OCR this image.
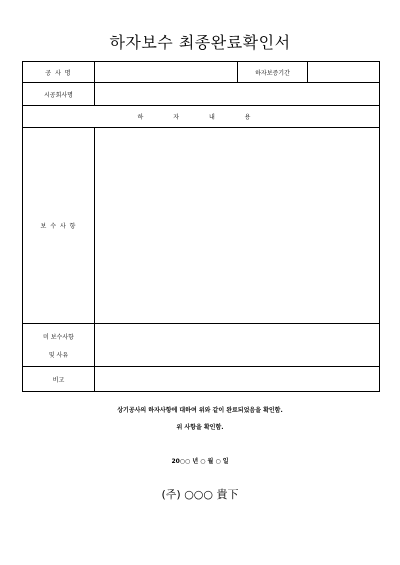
하자보수 최종완료확인서
공 사 명		하자보증기간	
시공회사명			
하 자 내 용			
보 수 사 항			

미 보수사항
및 사유			

비고			
상기공사의 하자사항에 대하여 위와 같이 완료되었음을 확인함.
위 사항을 확인함.
20○○ 년 ○ 월 ○ 일
(주) ○○○ 貴下
